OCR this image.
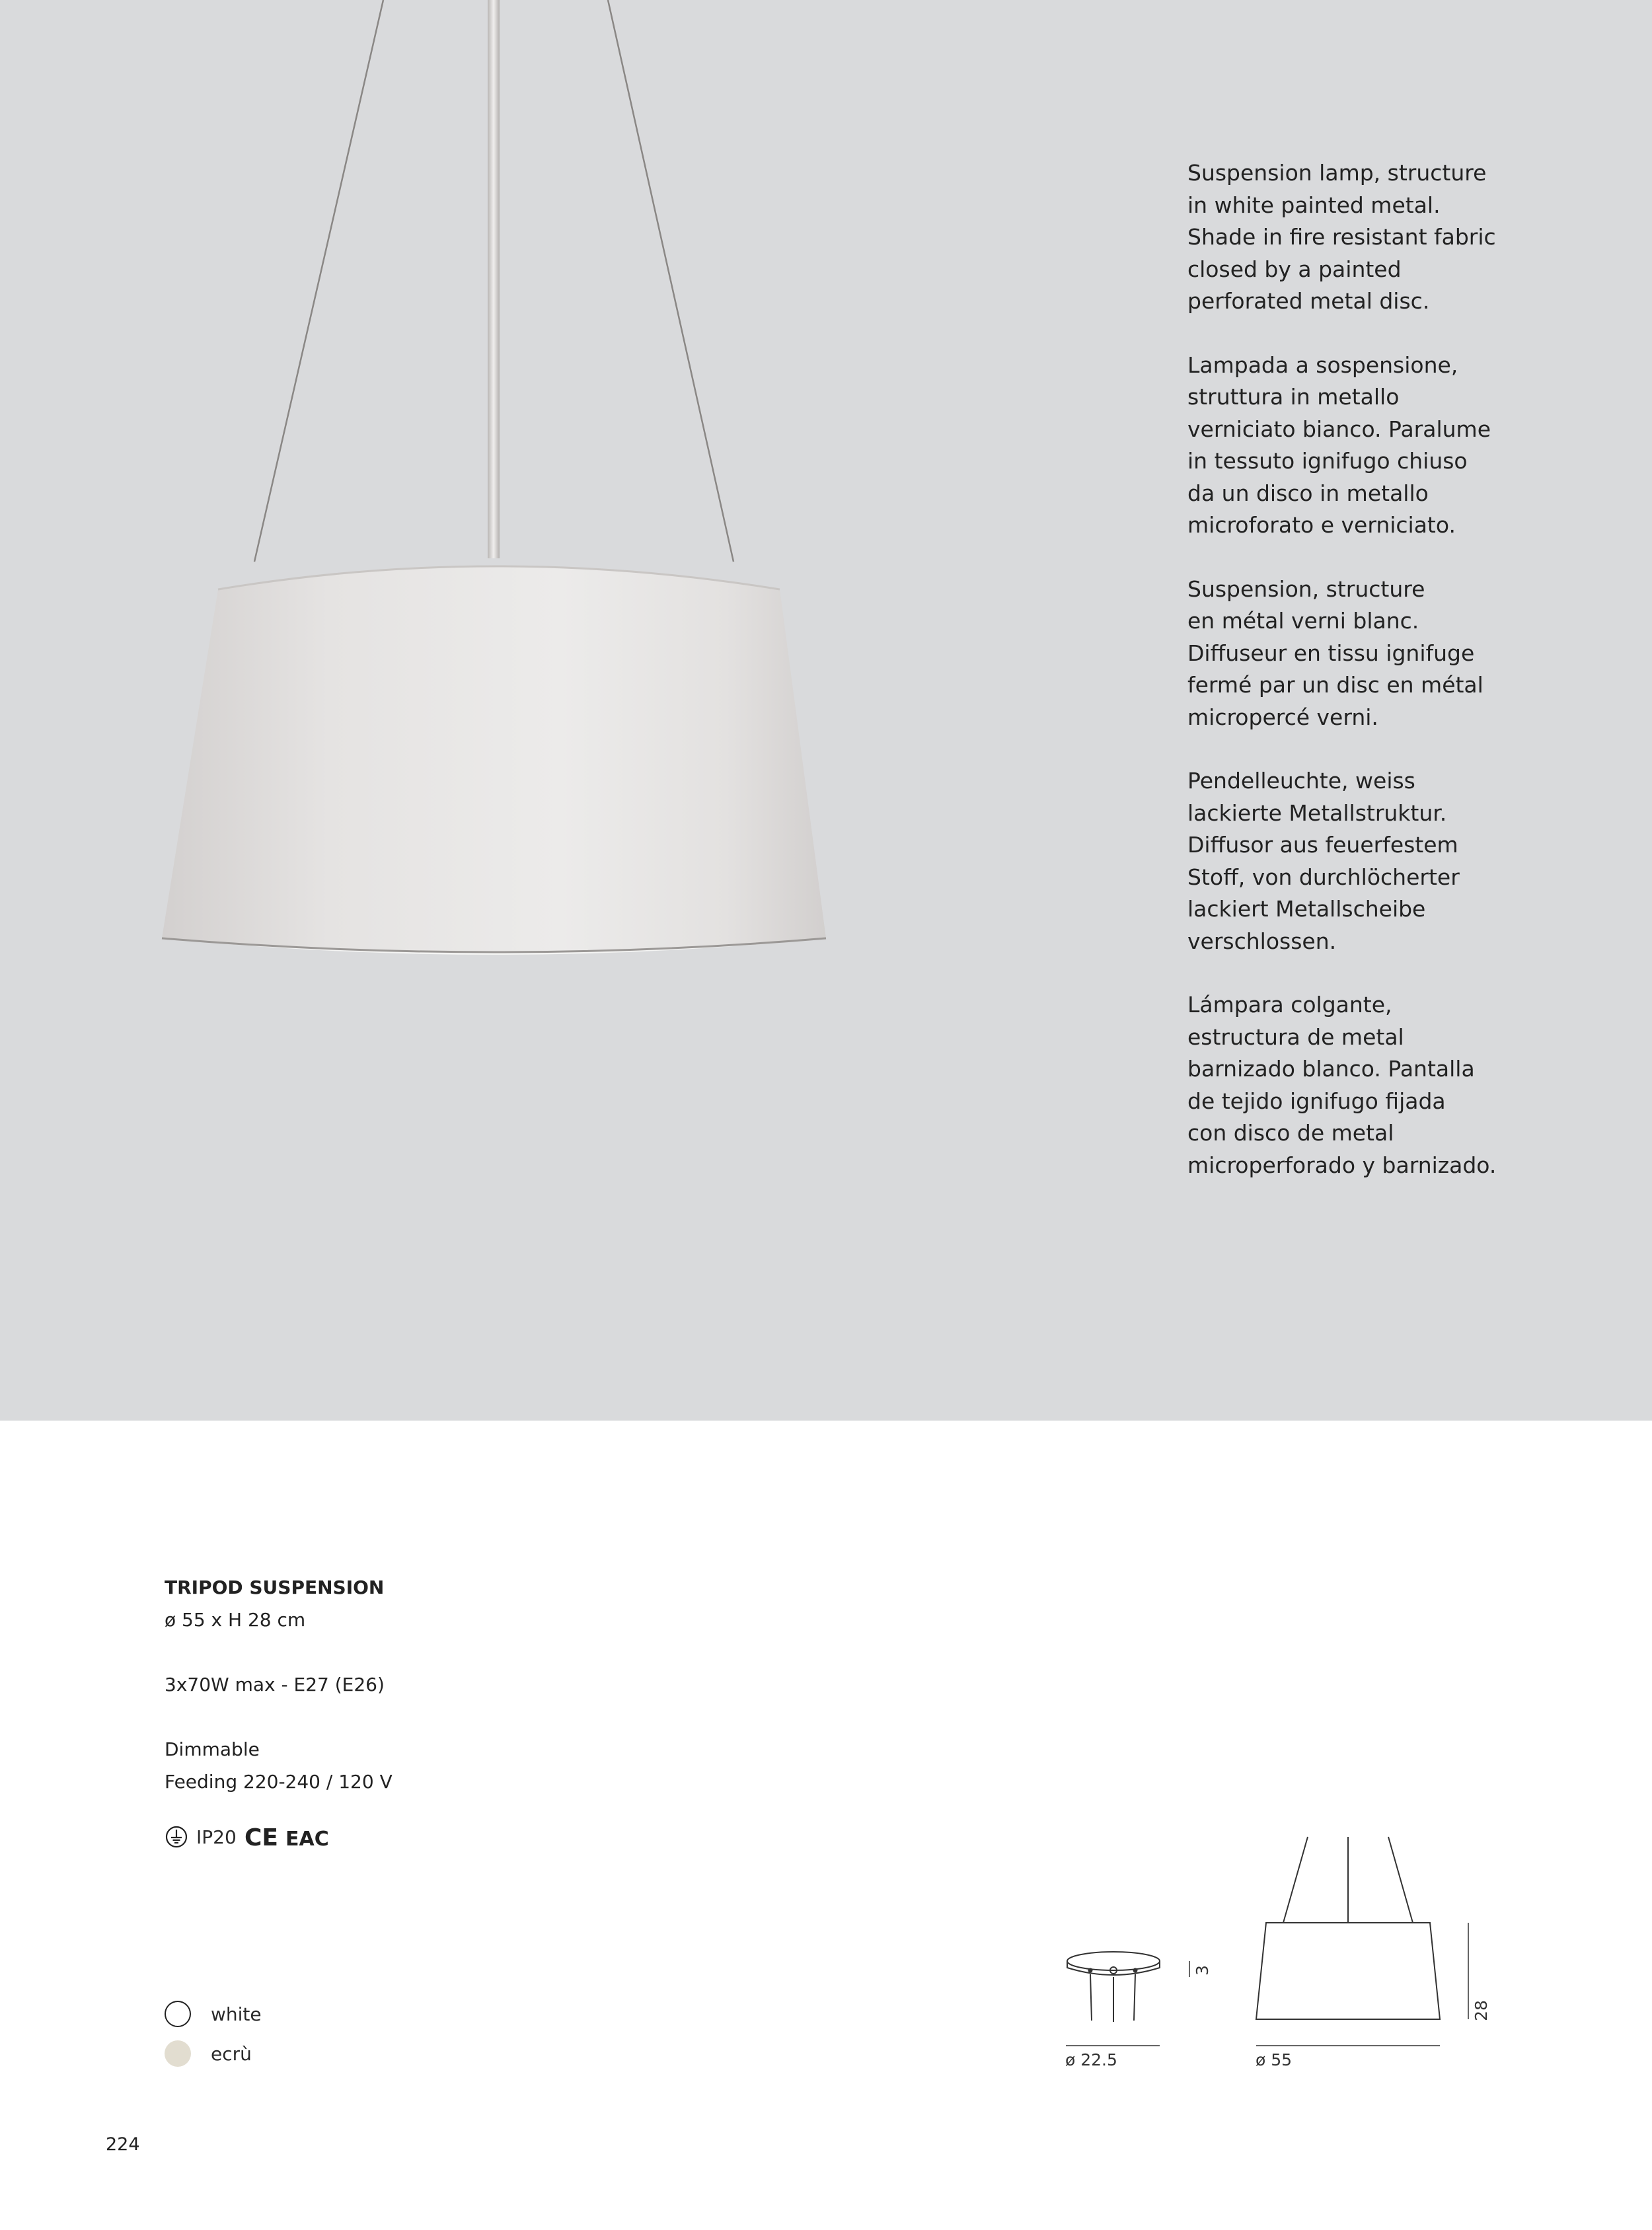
Suspension lamp, structure
in white painted metal.
Shade in fire resistant fabric
closed by a painted
perforated metal disc.

Lampada a sospensione,
struttura in metallo
verniciato bianco. Paralume
in tessuto ignifugo chiuso
da un disco in metallo
microforato e verniciato.

Suspension, structure
en métal verni blanc.
Diffuseur en tissu ignifuge
fermé par un disc en métal
micropercé verni.

Pendelleuchte, weiss
lackierte Metallstruktur.
Diffusor aus feuerfestem
Stoff, von durchlöcherter
lackiert Metallscheibe
verschlossen.

Lámpara colgante,
estructura de metal
barnizado blanco. Pantalla
de tejido ignifugo fijada
con disco de metal
microperforado y barnizado.

TRIPOD SUSPENSION
ø 55 x H 28 cm
3x70W max - E27 (E26)
Dimmable
Feeding 220-240 / 120 V
IP20 CE EAC
white
ecrù	ø 22.5
3
ø 55
28
224
